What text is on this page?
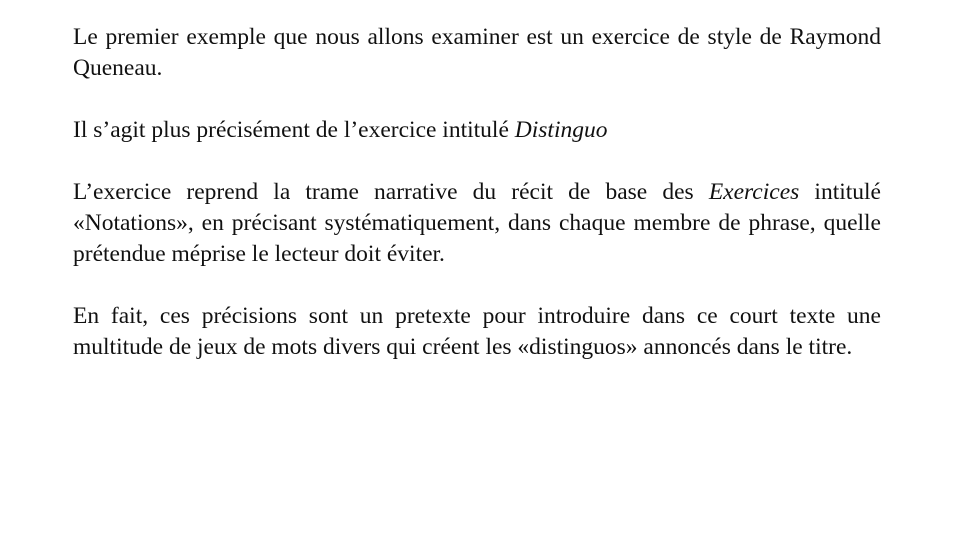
Le premier exemple que nous allons examiner est un exercice de style de Raymond Queneau.

Il s’agit plus précisément de l’exercice intitulé Distinguo

L’exercice reprend la trame narrative du récit de base des Exercices intitulé «Notations», en précisant systématiquement, dans chaque membre de phrase, quelle prétendue méprise le lecteur doit éviter.

En fait, ces précisions sont un pretexte pour introduire dans ce court texte une multitude de jeux de mots divers qui créent les «distinguos» annoncés dans le titre.
